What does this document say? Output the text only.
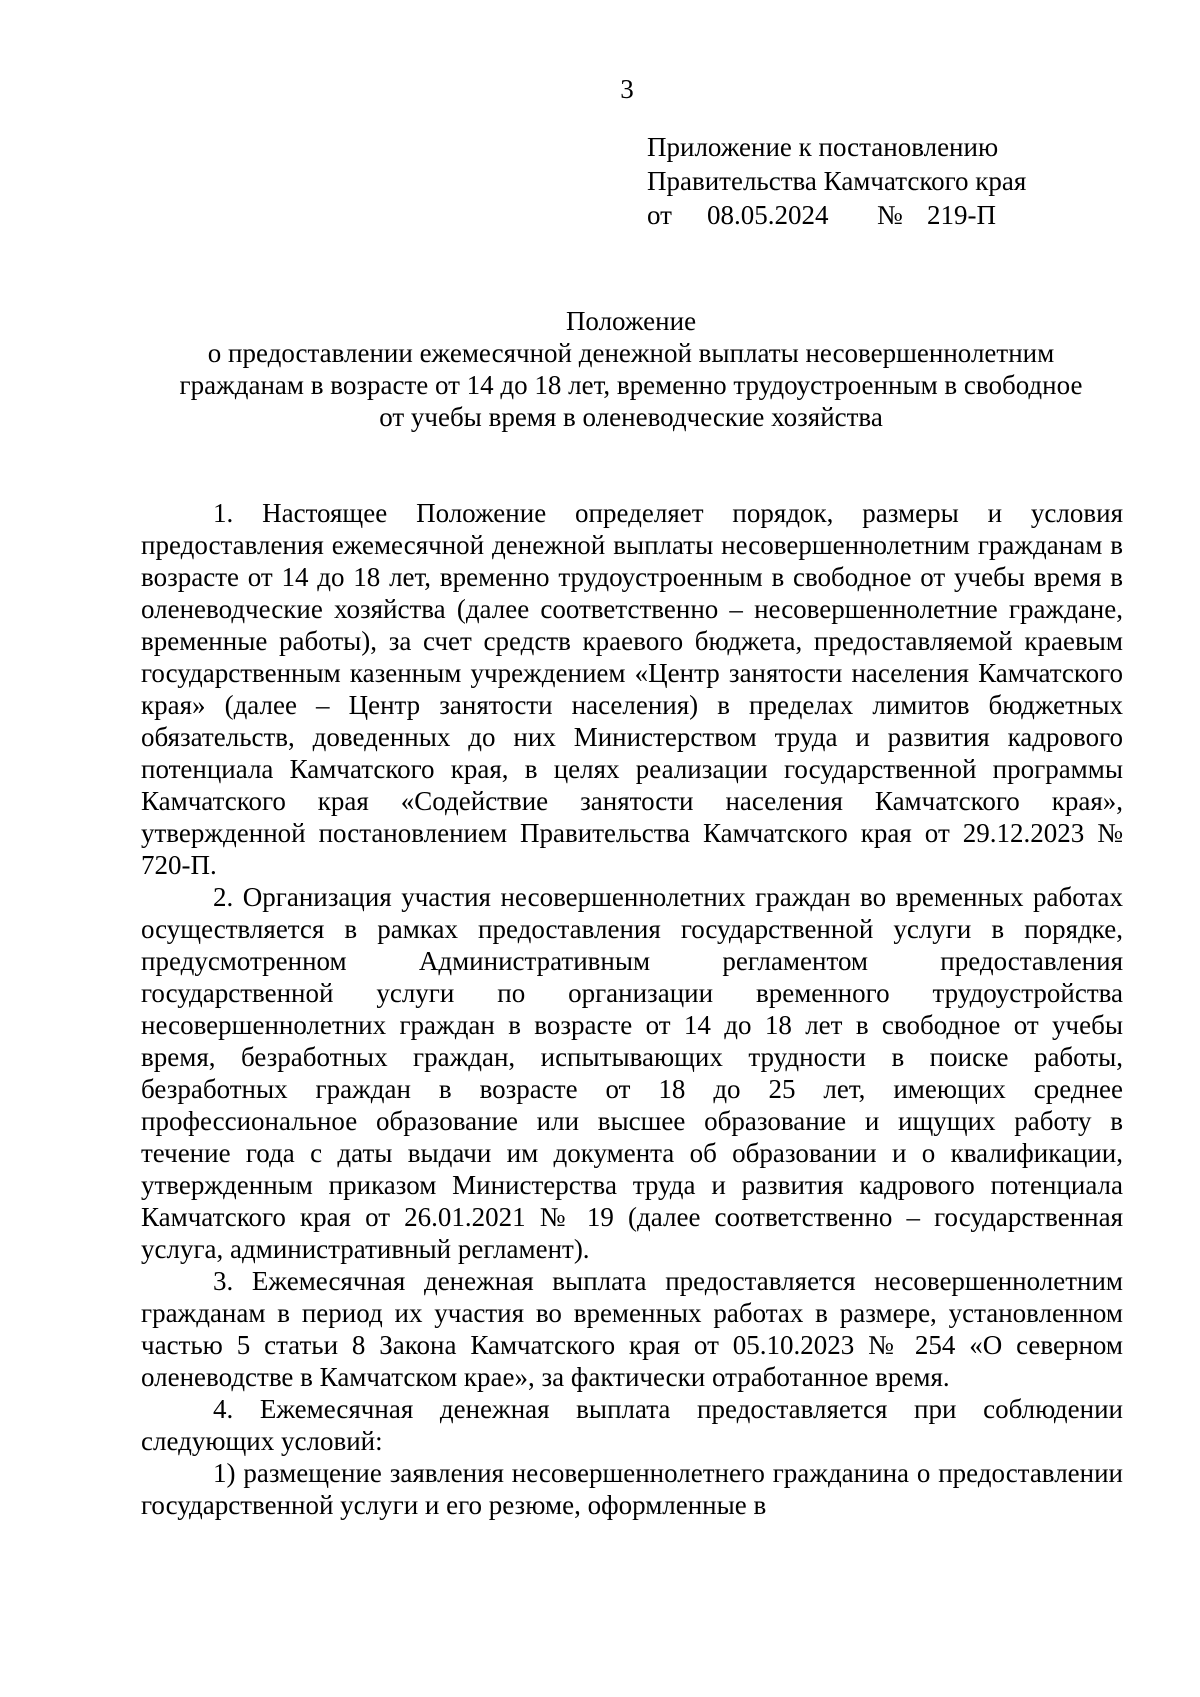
3
Приложение к постановлению
Правительства Камчатского края
от 08.05.2024 № 219-П
Положение
о предоставлении ежемесячной денежной выплаты несовершеннолетним
гражданам в возрасте от 14 до 18 лет, временно трудоустроенным в свободное
от учебы время в оленеводческие хозяйства

1. Настоящее Положение определяет порядок, размеры и условия предоставления ежемесячной денежной выплаты несовершеннолетним гражданам в возрасте от 14 до 18 лет, временно трудоустроенным в свободное от учебы время в оленеводческие хозяйства (далее соответственно – несовершеннолетние граждане, временные работы), за счет средств краевого бюджета, предоставляемой краевым государственным казенным учреждением «Центр занятости населения Камчатского края» (далее – Центр занятости населения) в пределах лимитов бюджетных обязательств, доведенных до них Министерством труда и развития кадрового потенциала Камчатского края, в целях реализации государственной программы Камчатского края «Содействие занятости населения Камчатского края», утвержденной постановлением Правительства Камчатского края от 29.12.2023 № 720-П.

2. Организация участия несовершеннолетних граждан во временных работах осуществляется в рамках предоставления государственной услуги в порядке, предусмотренном Административным регламентом предоставления государственной услуги по организации временного трудоустройства несовершеннолетних граждан в возрасте от 14 до 18 лет в свободное от учебы время, безработных граждан, испытывающих трудности в поиске работы, безработных граждан в возрасте от 18 до 25 лет, имеющих среднее профессиональное образование или высшее образование и ищущих работу в течение года с даты выдачи им документа об образовании и о квалификации, утвержденным приказом Министерства труда и развития кадрового потенциала Камчатского края от 26.01.2021 № 19 (далее соответственно – государственная услуга, административный регламент).

3. Ежемесячная денежная выплата предоставляется несовершеннолетним гражданам в период их участия во временных работах в размере, установленном частью 5 статьи 8 Закона Камчатского края от 05.10.2023 № 254 «О северном оленеводстве в Камчатском крае», за фактически отработанное время.

4. Ежемесячная денежная выплата предоставляется при соблюдении следующих условий:

1) размещение заявления несовершеннолетнего гражданина о предоставлении государственной услуги и его резюме, оформленные в
